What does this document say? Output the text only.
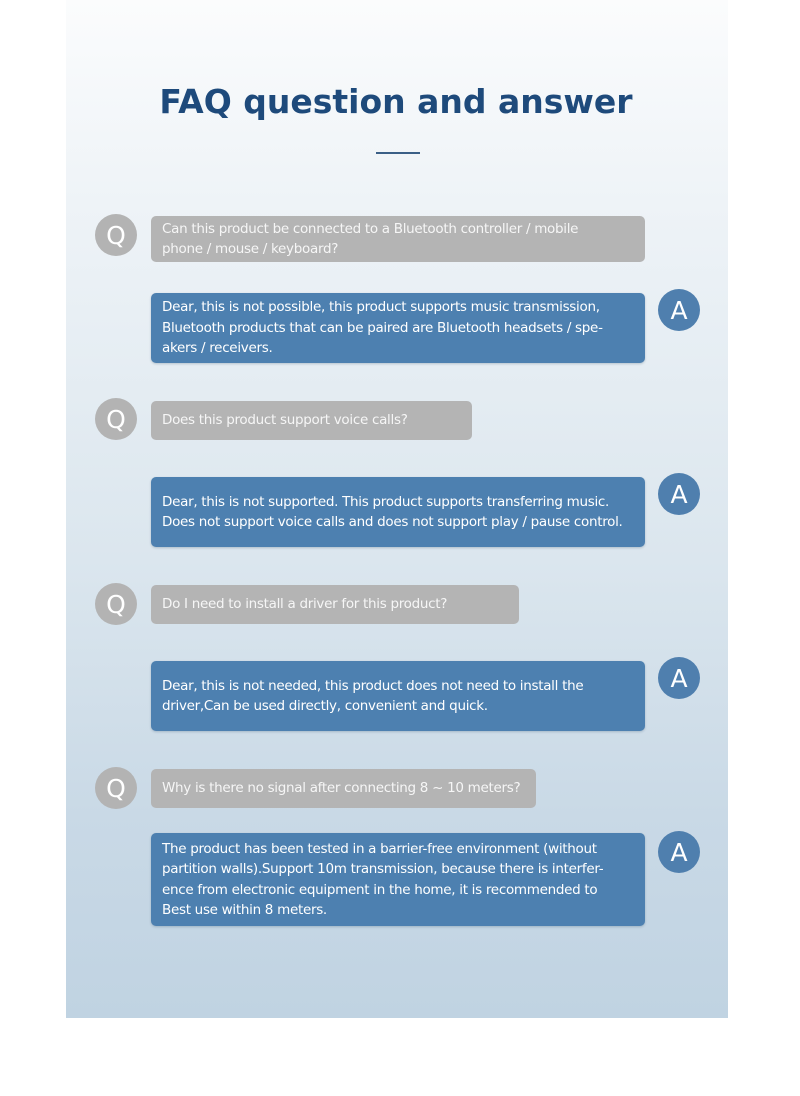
FAQ question and answer
Q	Can this product be connected to a Bluetooth controller / mobile
phone / mouse / keyboard?
Dear, this is not possible, this product supports music transmission,
Bluetooth products that can be paired are Bluetooth headsets / spe-
akers / receivers.
A
Q	Does this product support voice calls?
Dear, this is not supported. This product supports transferring music.
Does not support voice calls and does not support play / pause control.
A
Q	Do I need to install a driver for this product?
Dear, this is not needed, this product does not need to install the
driver,Can be used directly, convenient and quick.
A
Q	Why is there no signal after connecting 8 ~ 10 meters?
The product has been tested in a barrier-free environment (without
partition walls).Support 10m transmission, because there is interfer-
ence from electronic equipment in the home, it is recommended to
Best use within 8 meters.
A
